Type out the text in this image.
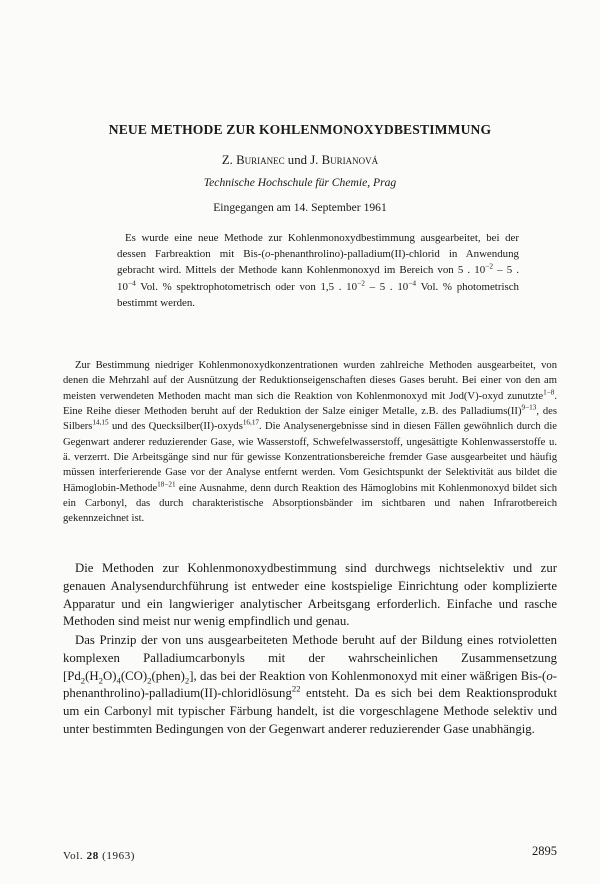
NEUE METHODE ZUR KOHLENMONOXYDBESTIMMUNG
Z. Burianec und J. Burianová
Technische Hochschule für Chemie, Prag
Eingegangen am 14. September 1961
Es wurde eine neue Methode zur Kohlenmonoxydbestimmung ausgearbeitet, bei der dessen Farbreaktion mit Bis-(o-phenanthrolino)-palladium(II)-chlorid in Anwendung gebracht wird. Mittels der Methode kann Kohlenmonoxyd im Bereich von 5 . $10^{-2} - 5$ . $10^{-4}$ Vol. % spektrophotometrisch oder von 1,5 . $10^{-2} - 5$ . $10^{-4}$ Vol. % photometrisch bestimmt werden.
Zur Bestimmung niedriger Kohlenmonoxydkonzentrationen wurden zahlreiche Methoden ausgearbeitet, von denen die Mehrzahl auf der Ausnützung der Reduktionseigenschaften dieses Gases beruht. Bei einer von den am meisten verwendeten Methoden macht man sich die Reaktion von Kohlenmonoxyd mit Jod(V)-oxyd zunutzte$^{1-8}$. Eine Reihe dieser Methoden beruht auf der Reduktion der Salze einiger Metalle, z.B. des Palladiums(II)$^{9-13}$, des Silbers$^{14,15}$ und des Quecksilber(II)-oxyds$^{16,17}$. Die Analysenergebnisse sind in diesen Fällen gewöhnlich durch die Gegenwart anderer reduzierender Gase, wie Wasserstoff, Schwefelwasserstoff, ungesättigte Kohlenwasserstoffe u. ä. verzerrt. Die Arbeitsgänge sind nur für gewisse Konzentrationsbereiche fremder Gase ausgearbeitet und häufig müssen interferierende Gase vor der Analyse entfernt werden. Vom Gesichtspunkt der Selektivität aus bildet die Hämoglobin-Methode$^{18-21}$ eine Ausnahme, denn durch Reaktion des Hämoglobins mit Kohlenmonoxyd bildet sich ein Carbonyl, das durch charakteristische Absorptionsbänder im sichtbaren und nahen Infrarotbereich gekennzeichnet ist.
Die Methoden zur Kohlenmonoxydbestimmung sind durchwegs nichtselektiv und zur genauen Analysendurchführung ist entweder eine kostspielige Einrichtung oder komplizierte Apparatur und ein langwieriger analytischer Arbeitsgang erforderlich. Einfache und rasche Methoden sind meist nur wenig empfindlich und genau.
Das Prinzip der von uns ausgearbeiteten Methode beruht auf der Bildung eines rotvioletten komplexen Palladiumcarbonyls mit der wahrscheinlichen Zusammensetzung $[Pd_2(H_2O)_4(CO)_2(phen)_2]$, das bei der Reaktion von Kohlenmonoxyd mit einer wäßrigen Bis-(o-phenanthrolino)-palladium(II)-chloridlösung$^{22}$ entsteht. Da es sich bei dem Reaktionsprodukt um ein Carbonyl mit typischer Färbung handelt, ist die vorgeschlagene Methode selektiv und unter bestimmten Bedingungen von der Gegenwart anderer reduzierender Gase unabhängig.
Vol. 28 (1963)	2895
